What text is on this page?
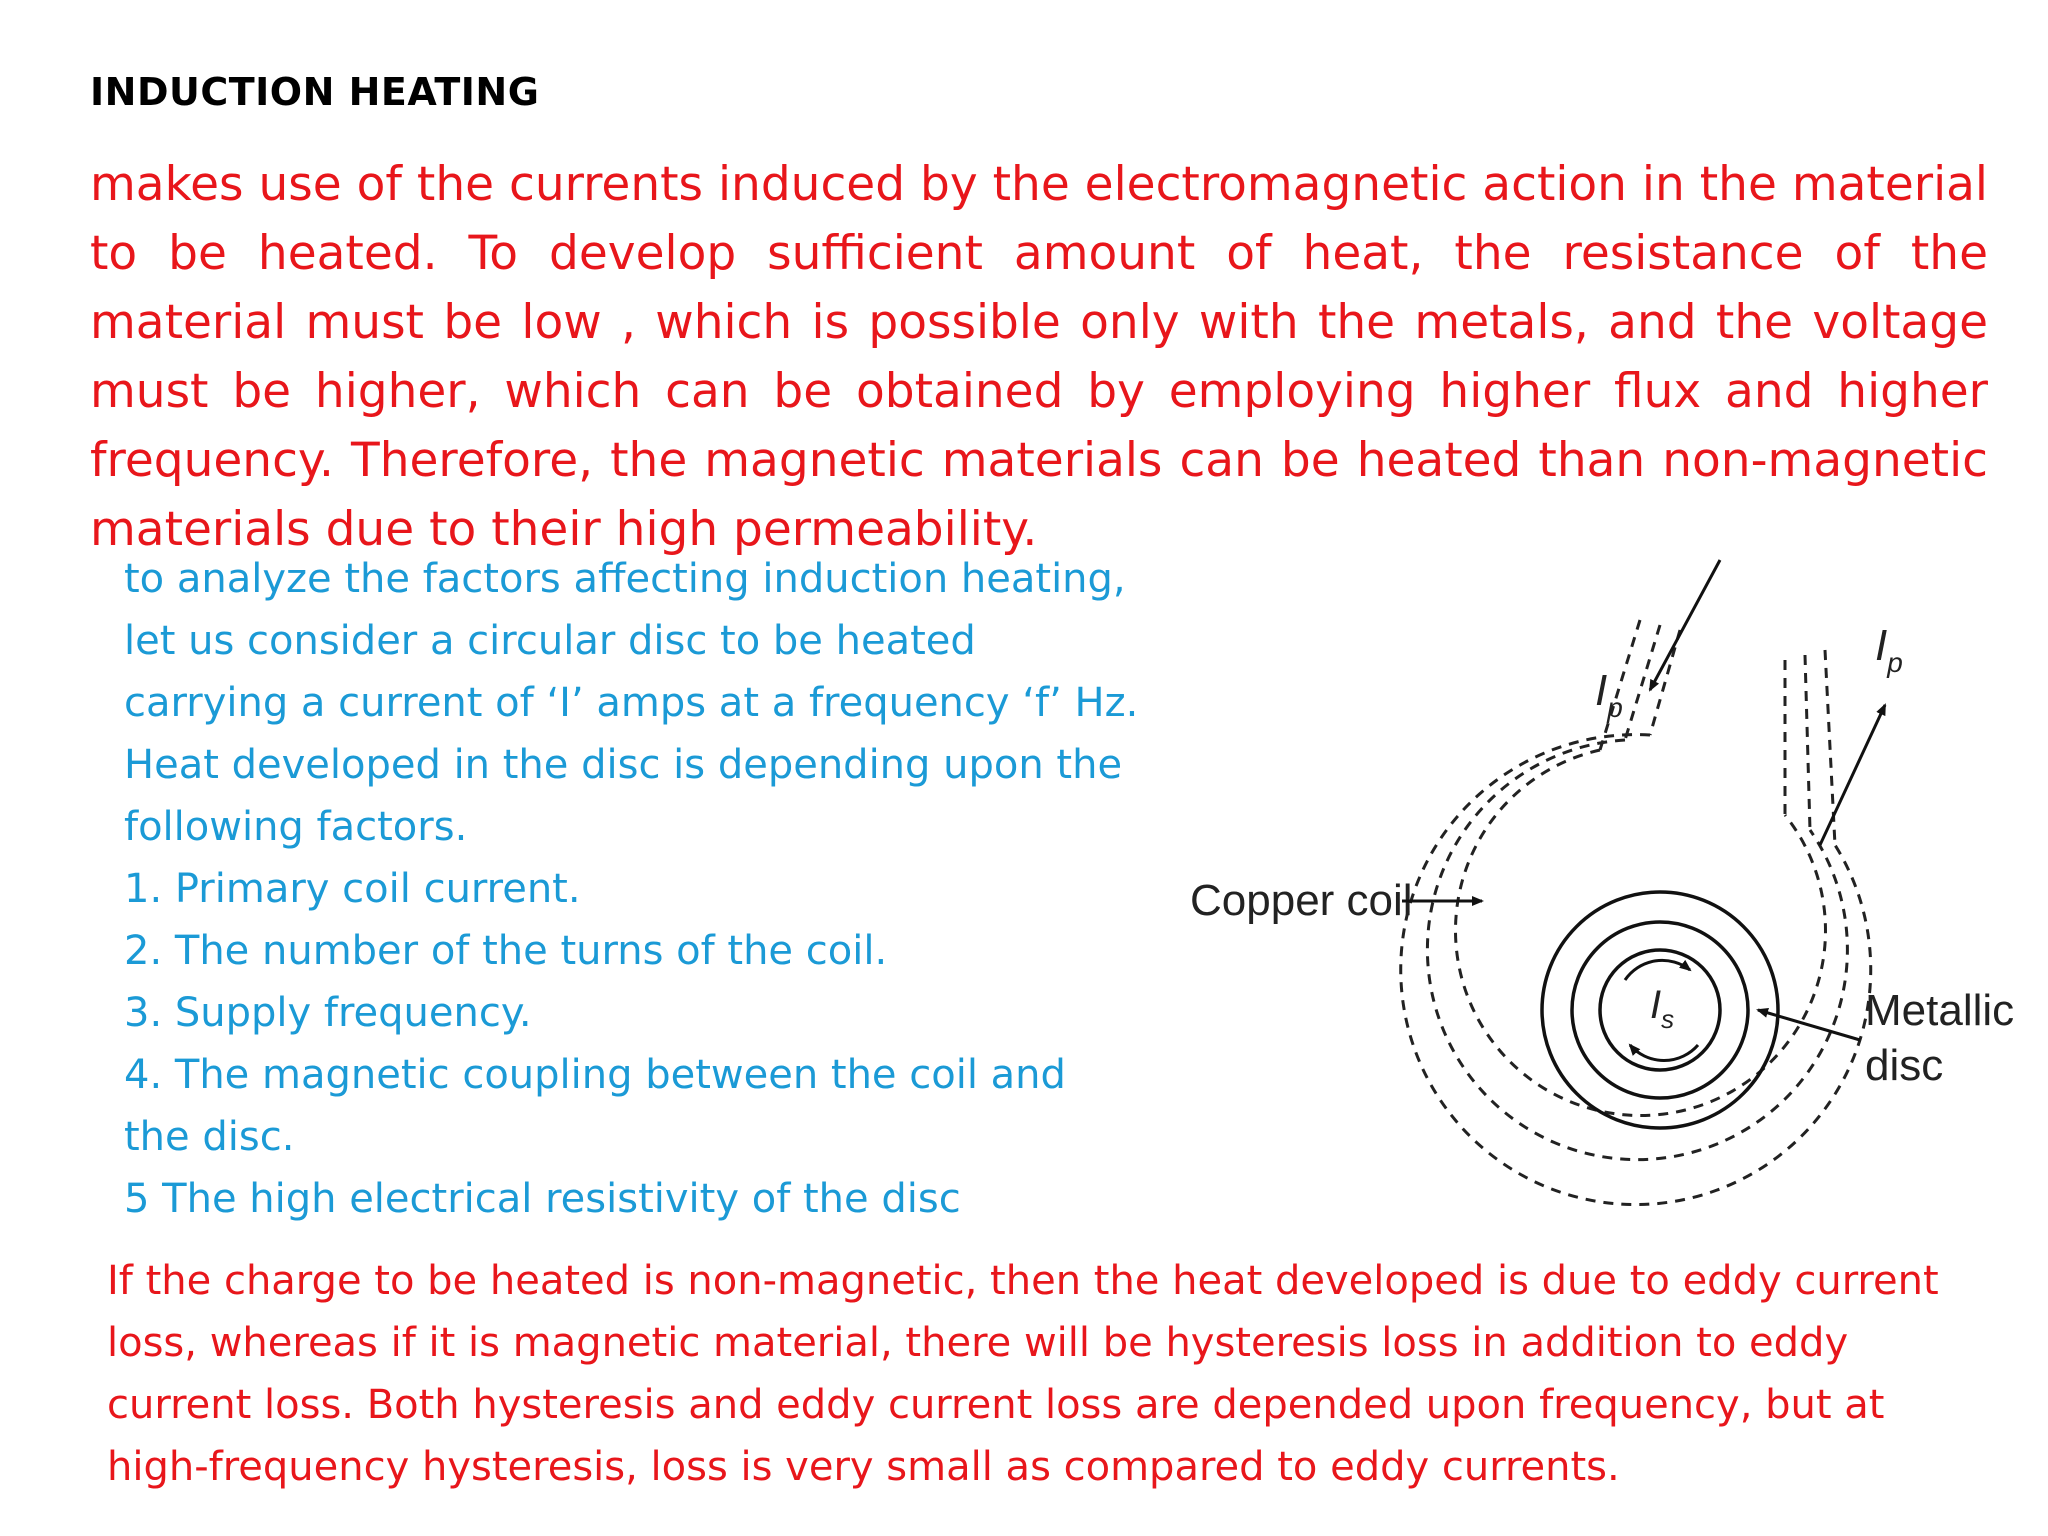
INDUCTION HEATING

makes use of the currents induced by the electromagnetic action in the material to be heated. To develop sufficient amount of heat, the resistance of the material must be low , which is possible only with the metals, and the voltage must be higher, which can be obtained by employing higher flux and higher frequency. Therefore, the magnetic materials can be heated than non-magnetic materials due to their high permeability.

to analyze the factors affecting induction heating,

let us consider a circular disc to be heated

carrying a current of ‘I’ amps at a frequency ‘f’ Hz.

Heat developed in the disc is depending upon the

following factors.

1. Primary coil current.
2. The number of the turns of the coil.
3. Supply frequency.
4. The magnetic coupling between the coil and
the disc.
5 The high electrical resistivity of the disc
$I_p$
$I_p$
$I_s$
Copper coil
Metallic
disc

If the charge to be heated is non-magnetic, then the heat developed is due to eddy current loss, whereas if it is magnetic material, there will be hysteresis loss in addition to eddy current loss. Both hysteresis and eddy current loss are depended upon frequency, but at high-frequency hysteresis, loss is very small as compared to eddy currents.
